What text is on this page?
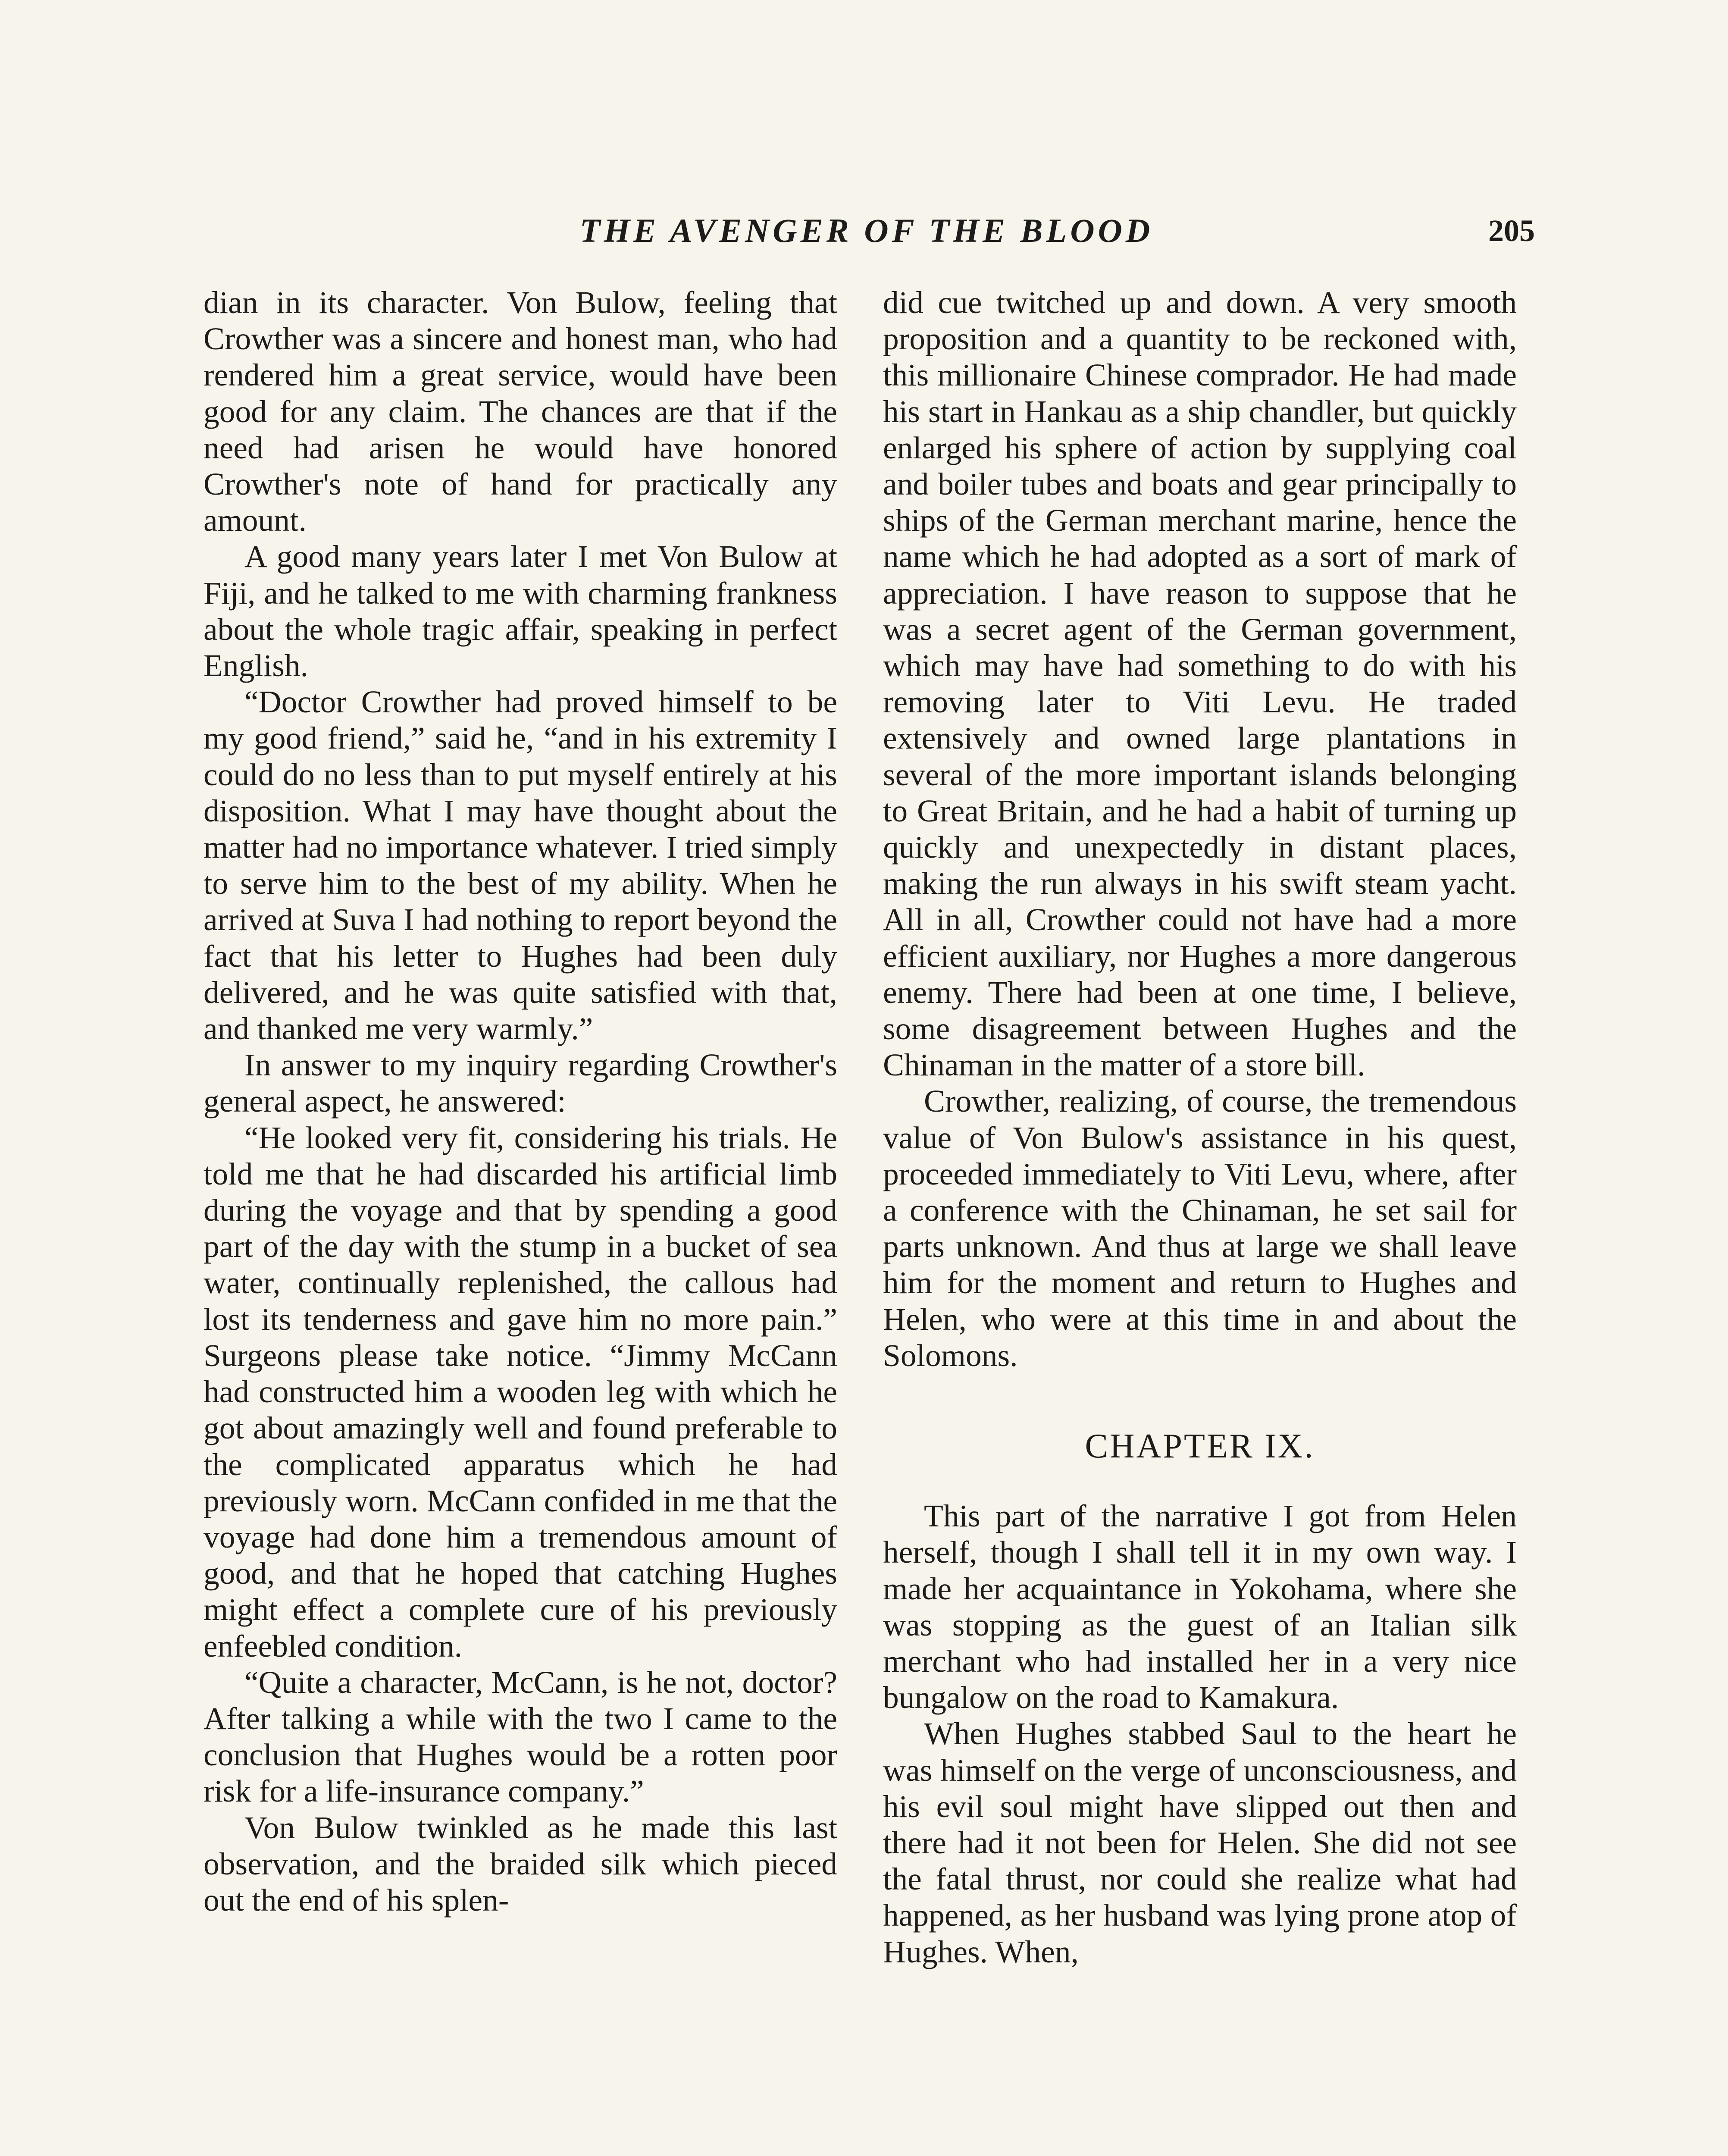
THE AVENGER OF THE BLOOD	205

dian in its character. Von Bulow, feeling that Crowther was a sincere and honest man, who had rendered him a great service, would have been good for any claim. The chances are that if the need had arisen he would have honored Crowther's note of hand for practically any amount.

A good many years later I met Von Bulow at Fiji, and he talked to me with charming frankness about the whole tragic affair, speaking in perfect English.

“Doctor Crowther had proved himself to be my good friend,” said he, “and in his extremity I could do no less than to put myself entirely at his disposition. What I may have thought about the matter had no importance whatever. I tried simply to serve him to the best of my ability. When he arrived at Suva I had nothing to report beyond the fact that his letter to Hughes had been duly delivered, and he was quite satisfied with that, and thanked me very warmly.”

In answer to my inquiry regarding Crowther's general aspect, he answered:

“He looked very fit, considering his trials. He told me that he had discarded his artificial limb during the voyage and that by spending a good part of the day with the stump in a bucket of sea water, continually replenished, the callous had lost its tenderness and gave him no more pain.” Surgeons please take notice. “Jimmy McCann had constructed him a wooden leg with which he got about amazingly well and found preferable to the complicated apparatus which he had previously worn. McCann confided in me that the voyage had done him a tremendous amount of good, and that he hoped that catching Hughes might effect a complete cure of his previously enfeebled condition.

“Quite a character, McCann, is he not, doctor? After talking a while with the two I came to the conclusion that Hughes would be a rotten poor risk for a life-insurance company.”

Von Bulow twinkled as he made this last observation, and the braided silk which pieced out the end of his splen-

did cue twitched up and down. A very smooth proposition and a quantity to be reckoned with, this millionaire Chinese comprador. He had made his start in Hankau as a ship chandler, but quickly enlarged his sphere of action by supplying coal and boiler tubes and boats and gear principally to ships of the German merchant marine, hence the name which he had adopted as a sort of mark of appreciation. I have reason to suppose that he was a secret agent of the German government, which may have had something to do with his removing later to Viti Levu. He traded extensively and owned large plantations in several of the more important islands belonging to Great Britain, and he had a habit of turning up quickly and unexpectedly in distant places, making the run always in his swift steam yacht. All in all, Crowther could not have had a more efficient auxiliary, nor Hughes a more dangerous enemy. There had been at one time, I believe, some disagreement between Hughes and the Chinaman in the matter of a store bill.

Crowther, realizing, of course, the tremendous value of Von Bulow's assistance in his quest, proceeded immediately to Viti Levu, where, after a conference with the Chinaman, he set sail for parts unknown. And thus at large we shall leave him for the moment and return to Hughes and Helen, who were at this time in and about the Solomons.

CHAPTER IX.

This part of the narrative I got from Helen herself, though I shall tell it in my own way. I made her acquaintance in Yokohama, where she was stopping as the guest of an Italian silk merchant who had installed her in a very nice bungalow on the road to Kamakura.

When Hughes stabbed Saul to the heart he was himself on the verge of unconsciousness, and his evil soul might have slipped out then and there had it not been for Helen. She did not see the fatal thrust, nor could she realize what had happened, as her husband was lying prone atop of Hughes. When,
